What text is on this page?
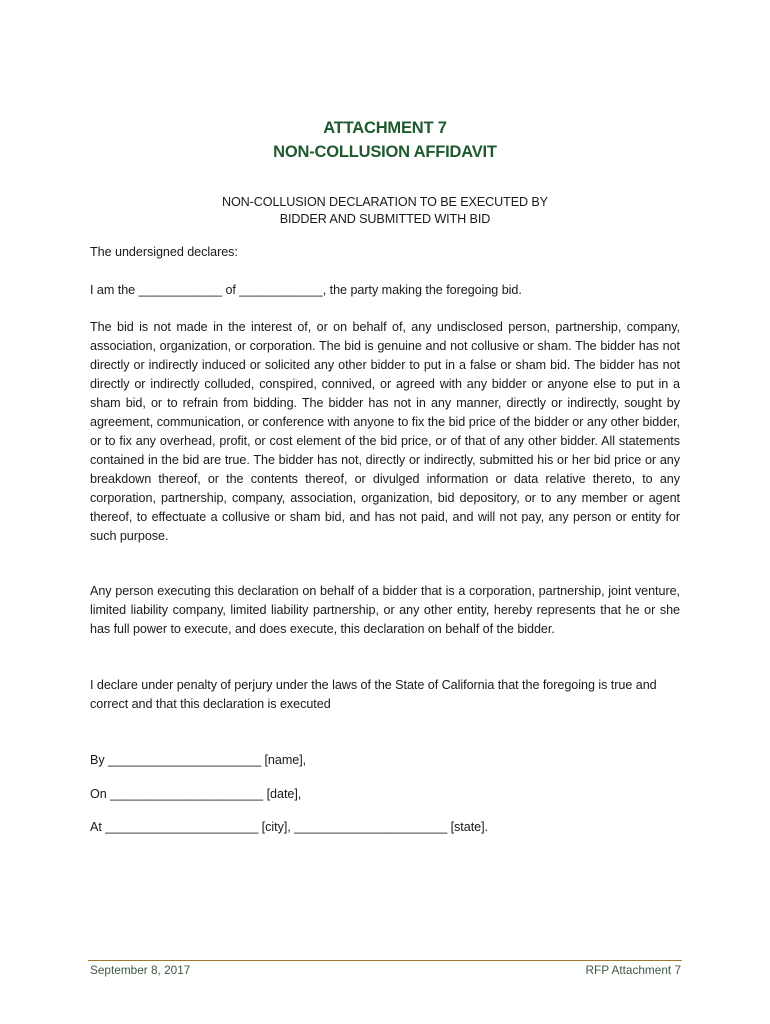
ATTACHMENT 7
NON-COLLUSION AFFIDAVIT
NON-COLLUSION DECLARATION TO BE EXECUTED BY
BIDDER AND SUBMITTED WITH BID
The undersigned declares:
I am the ____________ of ____________, the party making the foregoing bid.
The bid is not made in the interest of, or on behalf of, any undisclosed person, partnership, company, association, organization, or corporation. The bid is genuine and not collusive or sham. The bidder has not directly or indirectly induced or solicited any other bidder to put in a false or sham bid. The bidder has not directly or indirectly colluded, conspired, connived, or agreed with any bidder or anyone else to put in a sham bid, or to refrain from bidding. The bidder has not in any manner, directly or indirectly, sought by agreement, communication, or conference with anyone to fix the bid price of the bidder or any other bidder, or to fix any overhead, profit, or cost element of the bid price, or of that of any other bidder. All statements contained in the bid are true. The bidder has not, directly or indirectly, submitted his or her bid price or any breakdown thereof, or the contents thereof, or divulged information or data relative thereto, to any corporation, partnership, company, association, organization, bid depository, or to any member or agent thereof, to effectuate a collusive or sham bid, and has not paid, and will not pay, any person or entity for such purpose.
Any person executing this declaration on behalf of a bidder that is a corporation, partnership, joint venture, limited liability company, limited liability partnership, or any other entity, hereby represents that he or she has full power to execute, and does execute, this declaration on behalf of the bidder.
I declare under penalty of perjury under the laws of the State of California that the foregoing is true and correct and that this declaration is executed
By ______________________ [name],
On ______________________ [date],
At ______________________ [city], ______________________ [state].
September 8, 2017	RFP Attachment 7
